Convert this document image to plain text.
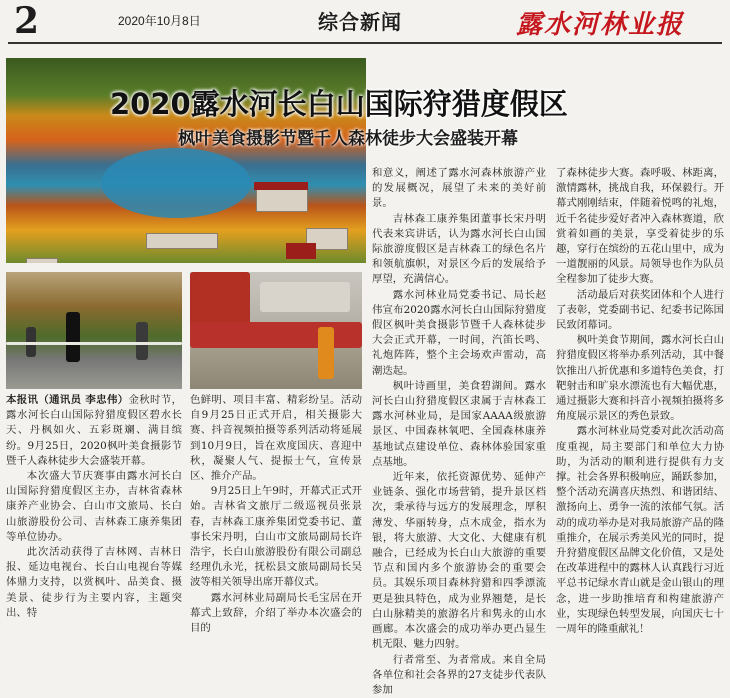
2	2020年10月8日	综合新闻	露水河林业报
2020露水河长白山国际狩猎度假区
枫叶美食摄影节暨千人森林徒步大会盛装开幕

本报讯（通讯员 李忠伟）金秋时节，露水河长白山国际狩猎度假区碧水长天、丹枫如火、五彩斑斓、满目缤纷。9月25日，2020枫叶美食摄影节暨千人森林徒步大会盛装开幕。

本次盛大节庆赛事由露水河长白山国际狩猎度假区主办，吉林省森林康养产业协会、白山市文旅局、长白山旅游股份公司、吉林森工康养集团等单位协办。

此次活动获得了吉林网、吉林日报、延边电视台、长白山电视台等媒体鼎力支持，以赏枫叶、品美食、摄美景、徒步行为主要内容，主题突出、特

色鲜明、项目丰富、精彩纷呈。活动自9月25日正式开启，相关摄影大赛、抖音视频拍摄等系列活动将延展到10月9日，旨在欢度国庆、喜迎中秋，凝聚人气、提振士气，宣传景区、推介产品。

9月25日上午9时，开幕式正式开始。吉林省文旅厅二级巡视员张景春，吉林森工康养集团党委书记、董事长宋丹明，白山市文旅局副局长许浩宇，长白山旅游股份有限公司副总经理仇永光，抚松县文旅局副局长吴波等相关领导出席开幕仪式。

露水河林业局副局长毛宝居在开幕式上致辞，介绍了举办本次盛会的目的

和意义，阐述了露水河森林旅游产业的发展概况，展望了未来的美好前景。

吉林森工康养集团董事长宋丹明代表来宾讲话，认为露水河长白山国际旅游度假区是吉林森工的绿色名片和领航旗帜，对景区今后的发展给予厚望，充满信心。

露水河林业局党委书记、局长赵伟宣布2020露水河长白山国际狩猎度假区枫叶美食摄影节暨千人森林徒步大会正式开幕，一时间，汽笛长鸣、礼炮阵阵，整个主会场欢声雷动，高潮迭起。

枫叶诗画里，美食碧湖间。露水河长白山狩猎度假区隶属于吉林森工露水河林业局，是国家AAAA级旅游景区、中国森林氧吧、全国森林康养基地试点建设单位、森林体验国家重点基地。

近年来，依托资源优势、延伸产业链条、强化市场营销，提升景区档次，秉承待与远方的发展理念，厚积薄发、华丽转身，点木成金，指水为银，将大旅游、大文化、大健康有机融合，已经成为长白山大旅游的重要节点和国内多个旅游协会的重要会员。其娱乐项目森林狩猎和四季漂流更是独具特色，成为业界翘楚，是长白山脉精美的旅游名片和隽永的山水画廊。本次盛会的成功举办更凸显生机无限、魅力四射。

行者常至、为者常成。来自全局各单位和社会各界的27支徒步代表队参加

了森林徒步大赛。森呼吸、林距离，激情露林，挑战自我，环保毅行。开幕式刚刚结束，伴随着悦鸣的礼炮，近千名徒步爱好者冲入森林赛道，欣赏着如画的美景，享受着徒步的乐趣，穿行在缤纷的五花山里中，成为一道靓丽的风景。局领导也作为队员全程参加了徒步大赛。

活动最后对获奖团体和个人进行了表彰，党委副书记、纪委书记陈国民致闭幕词。

枫叶美食节期间，露水河长白山狩猎度假区将举办系列活动，其中餐饮推出八折优惠和多道特色美食，打靶射击和旷泉水漂流也有大幅优惠，通过摄影大赛和抖音小视频拍摄将多角度展示景区的秀色景致。

露水河林业局党委对此次活动高度重视，局主要部门和单位大力协助，为活动的顺利进行提供有力支撑。社会各界积极响应，踊跃参加，整个活动充满喜庆热烈、和谐团结、激扬向上、勇争一流的浓郁气氛。活动的成功举办是对我局旅游产品的隆重推介，在展示秀美风光的同时，提升狩猎度假区品牌文化价值，又是处在改革进程中的露林人认真践行习近平总书记绿水青山就是金山银山的理念，进一步助推培育和构建旅游产业，实现绿色转型发展，向国庆七十一周年的隆重献礼！
